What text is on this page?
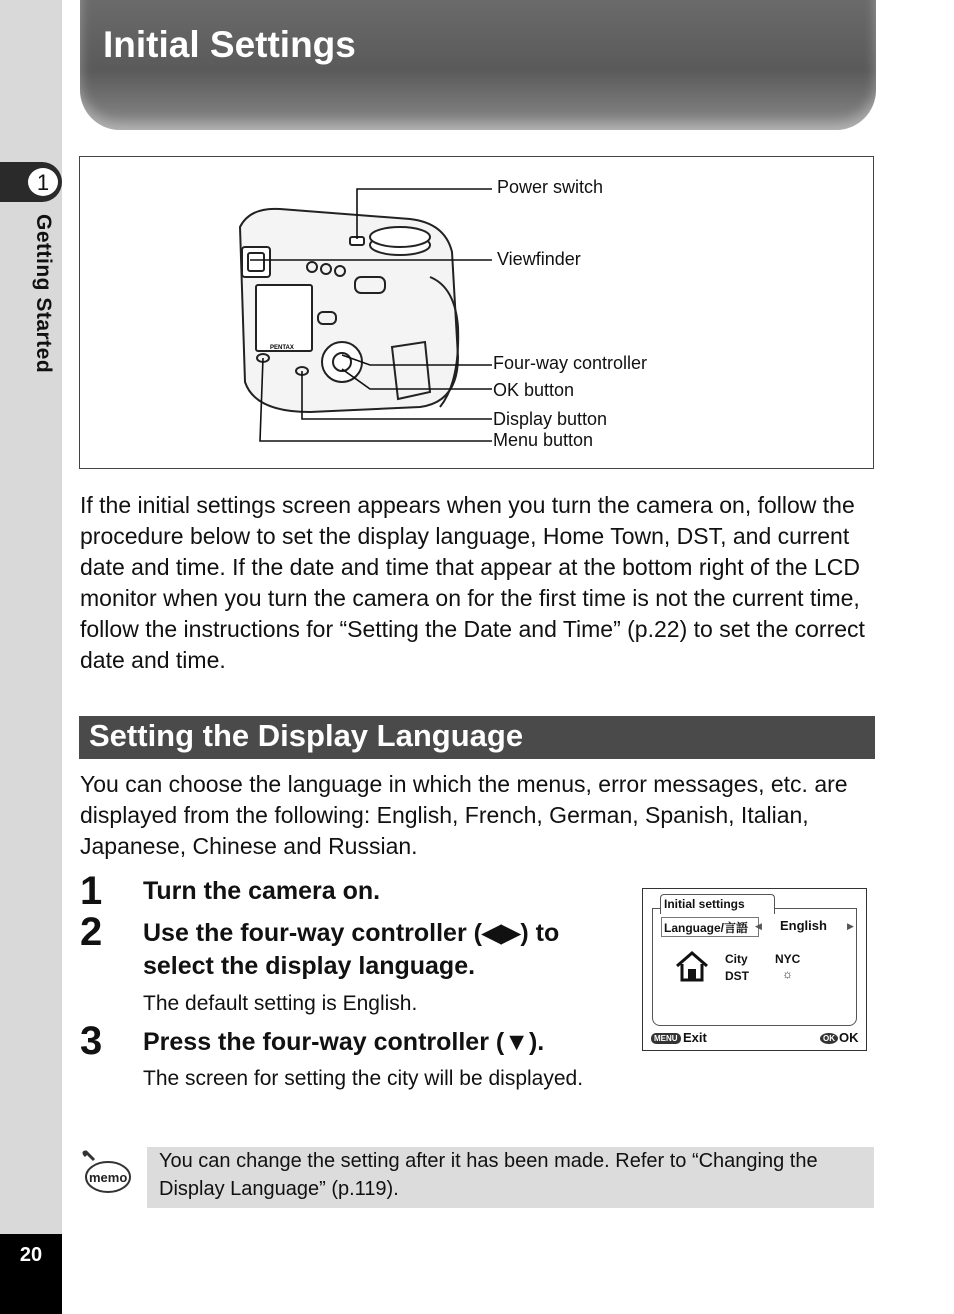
1
Getting Started
20
Initial Settings
PENTAX
Power switch
Viewfinder
Four-way controller
OK button
Display button
Menu button
If the initial settings screen appears when you turn the camera on, follow the procedure below to set the display language, Home Town, DST, and current date and time. If the date and time that appear at the bottom right of the LCD monitor when you turn the camera on for the first time is not the current time, follow the instructions for “Setting the Date and Time” (p.22) to set the correct date and time.
Setting the Display Language
You can choose the language in which the menus, error messages, etc. are displayed from the following: English, French, German, Spanish, Italian, Japanese, Chinese and Russian.
1 Turn the camera on.
2 Use the four-way controller (◀▶) to select the display language.
The default setting is English.
3 Press the four-way controller (▼).
The screen for setting the city will be displayed.
Initial settings
Language/言語 ◀ English ▶
City
DST
NYC
☼
MENU Exit	OK OK
memo
You can change the setting after it has been made. Refer to “Changing the Display Language” (p.119).
